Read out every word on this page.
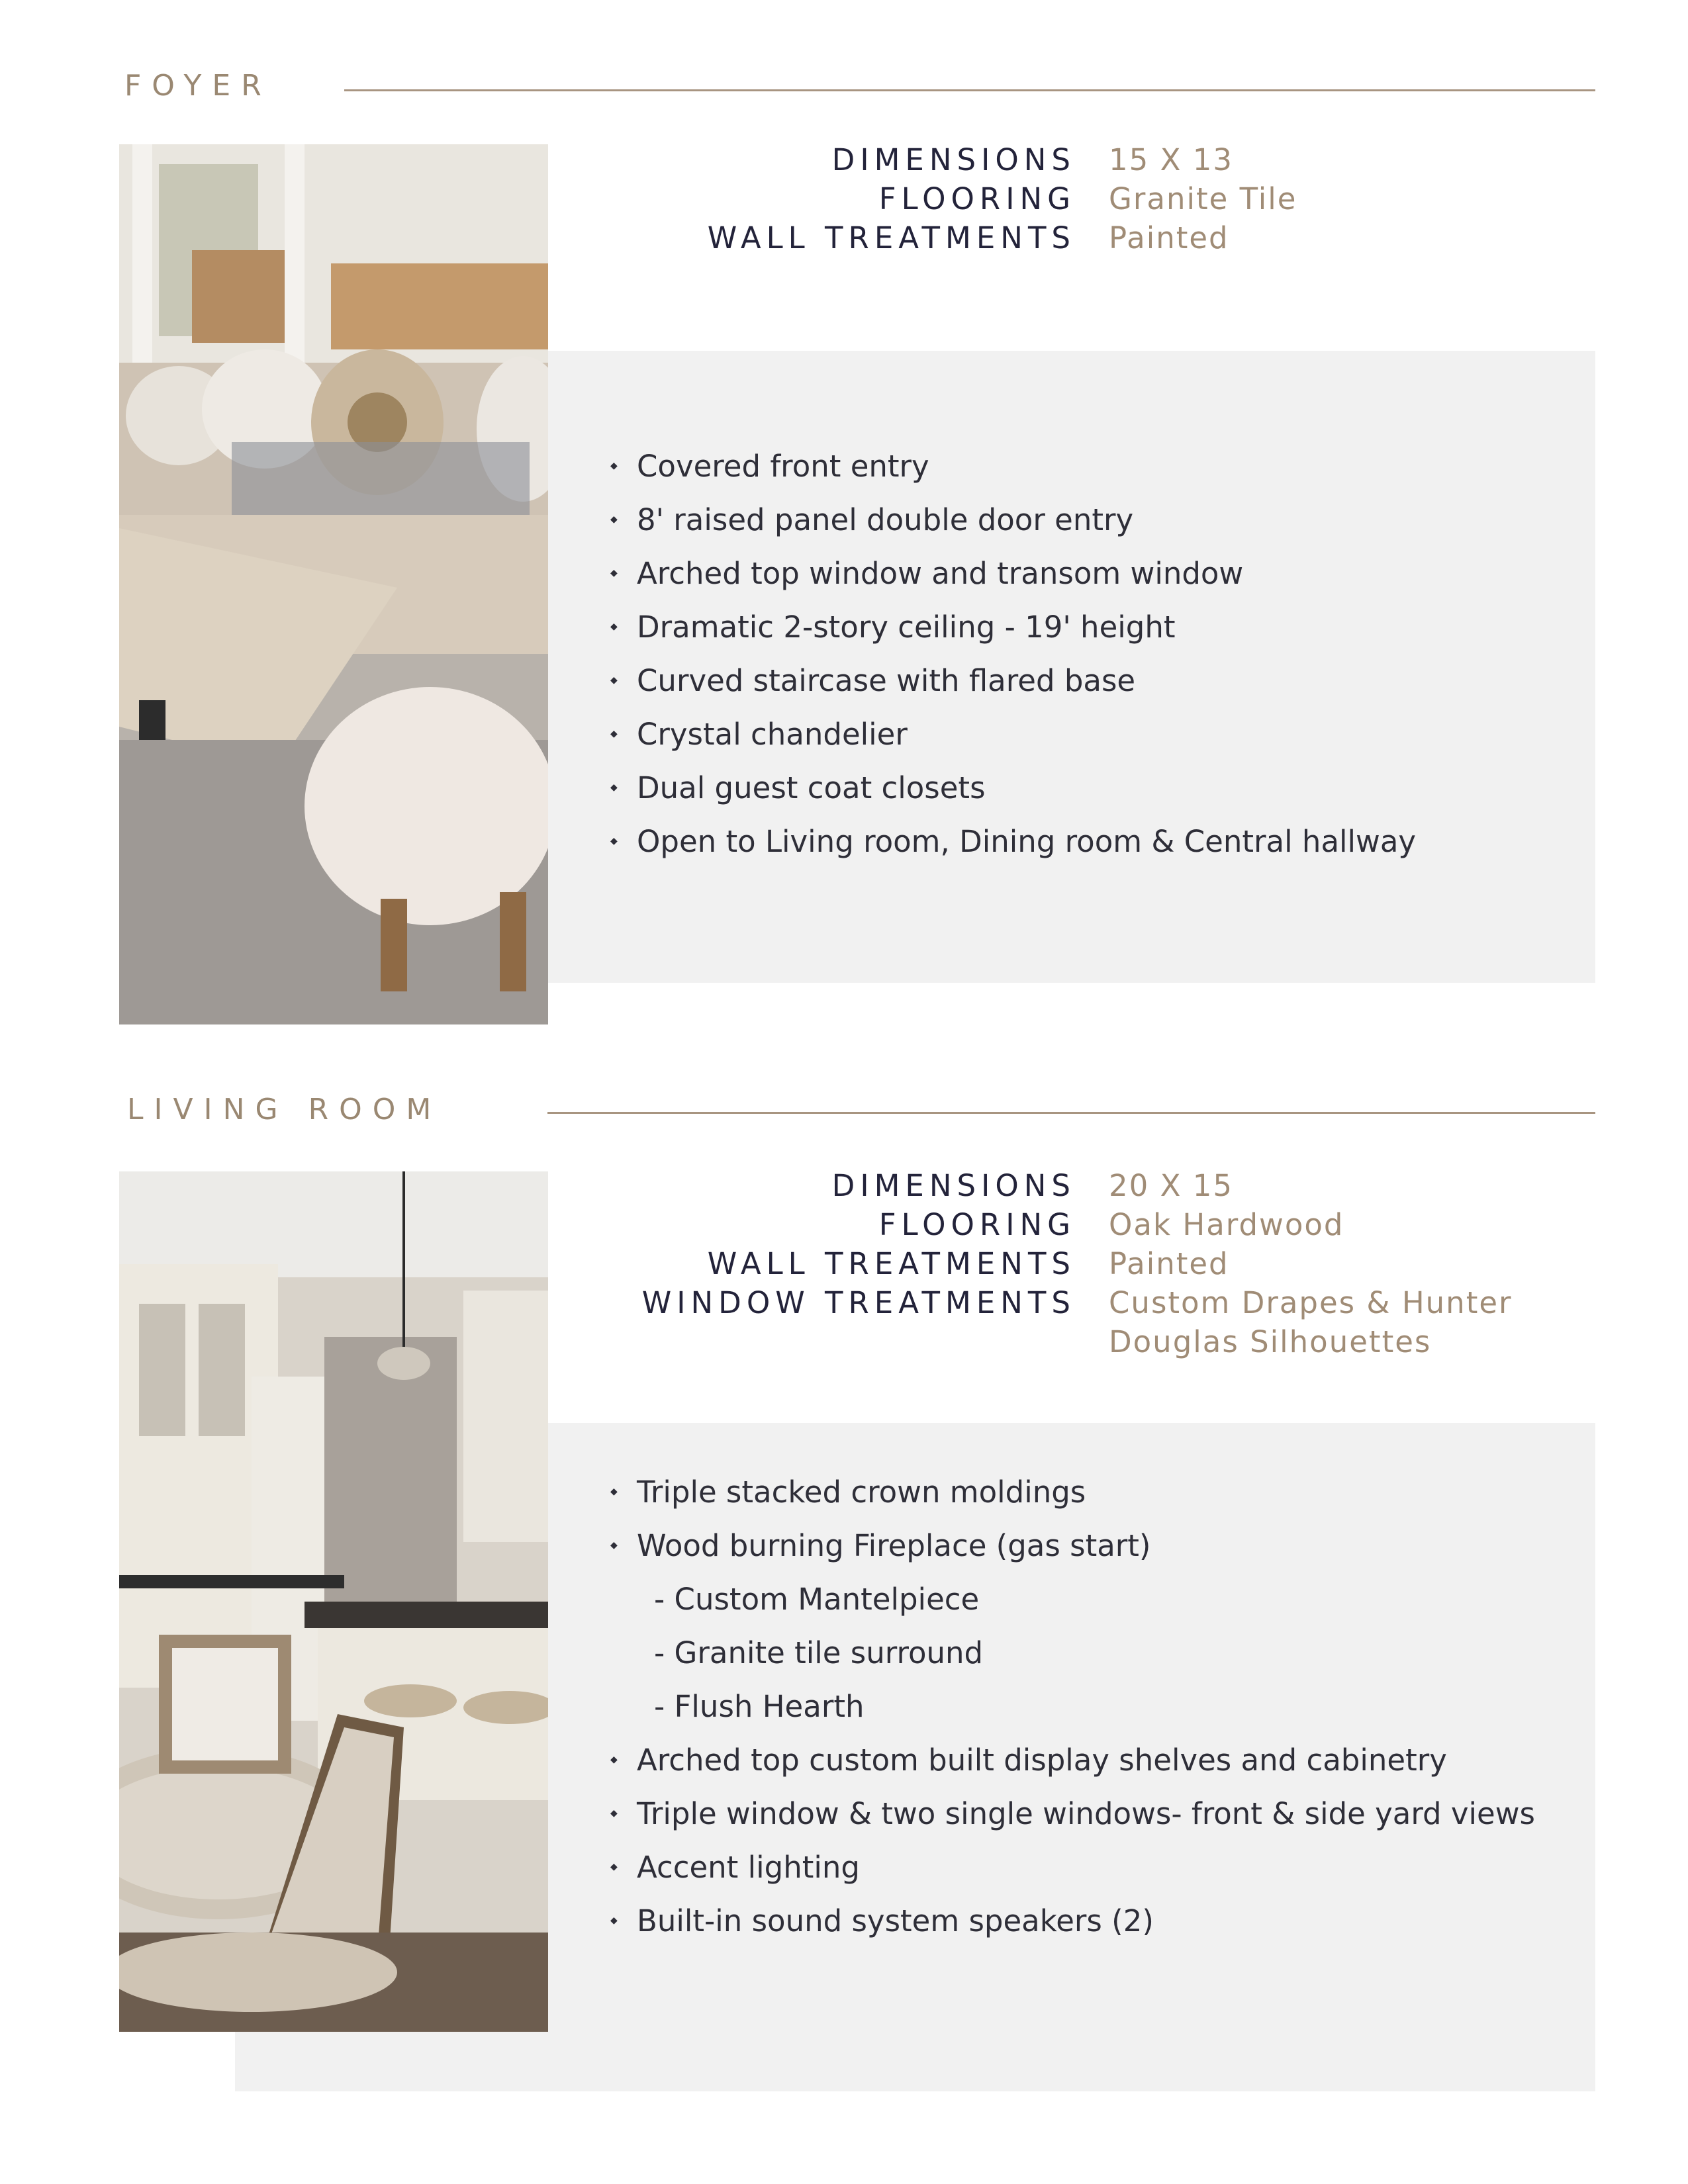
FOYER
DIMENSIONS	15 X 13
FLOORING	Granite Tile
WALL TREATMENTS	Painted
◆ Covered front entry
◆ 8' raised panel double door entry
◆ Arched top window and transom window
◆ Dramatic 2-story ceiling - 19' height
◆ Curved staircase with flared base
◆ Crystal chandelier
◆ Dual guest coat closets
◆ Open to Living room, Dining room & Central hallway
LIVING ROOM
DIMENSIONS	20 X 15
FLOORING	Oak Hardwood
WALL TREATMENTS	Painted
WINDOW TREATMENTS	Custom Drapes & Hunter
Douglas Silhouettes
◆ Triple stacked crown moldings
◆ Wood burning Fireplace (gas start)
- Custom Mantelpiece
- Granite tile surround
- Flush Hearth
◆ Arched top custom built display shelves and cabinetry
◆ Triple window & two single windows- front & side yard views
◆ Accent lighting
◆ Built-in sound system speakers (2)
